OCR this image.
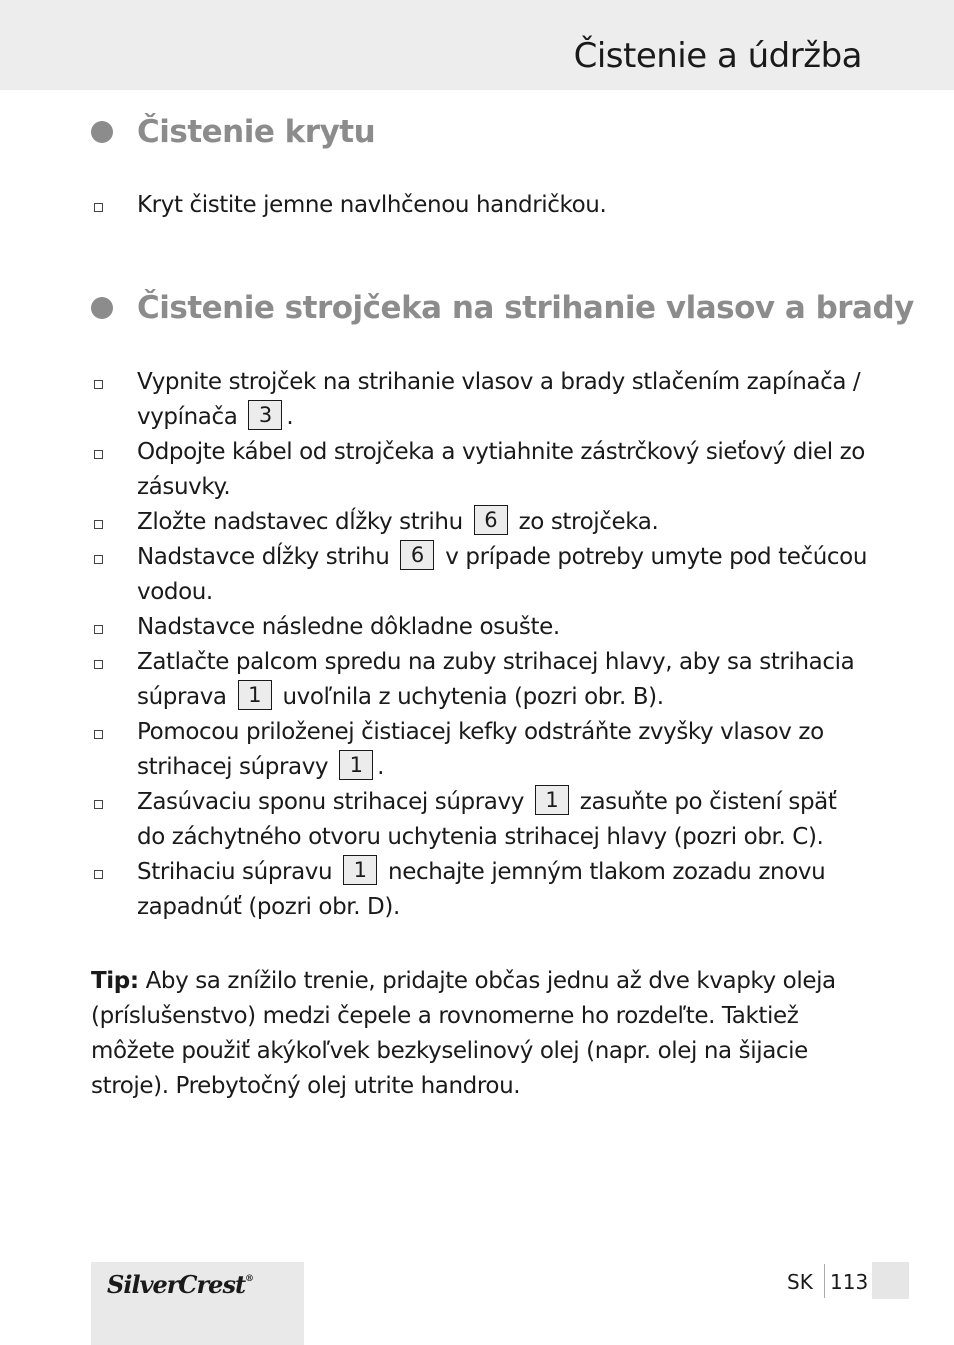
Čistenie a údržba
Čistenie krytu
Kryt čistite jemne navlhčenou handričkou.
Čistenie strojčeka na strihanie vlasov a brady
Vypnite strojček na strihanie vlasov a brady stlačením zapínača / vypínača 3 .
Odpojte kábel od strojčeka a vytiahnite zástrčkový sieťový diel zo zásuvky.
Zložte nadstavec dĺžky strihu 6 zo strojčeka.
Nadstavce dĺžky strihu 6 v prípade potreby umyte pod tečúcou vodou.
Nadstavce následne dôkladne osušte.
Zatlačte palcom spredu na zuby strihacej hlavy, aby sa strihacia súprava 1 uvoľnila z uchytenia (pozri obr. B).
Pomocou priloženej čistiacej kefky odstráňte zvyšky vlasov zo strihacej súpravy 1 .
Zasúvaciu sponu strihacej súpravy 1 zasuňte po čistení späť do záchytného otvoru uchytenia strihacej hlavy (pozri obr. C).
Strihaciu súpravu 1 nechajte jemným tlakom zozadu znovu zapadnúť (pozri obr. D).
Tip: Aby sa znížilo trenie, pridajte občas jednu až dve kvapky oleja (príslušenstvo) medzi čepele a rovnomerne ho rozdeľte. Taktiež môžete použiť akýkoľvek bezkyselinový olej (napr. olej na šijacie stroje). Prebytočný olej utrite handrou.
SilverCrest®	SK 113
